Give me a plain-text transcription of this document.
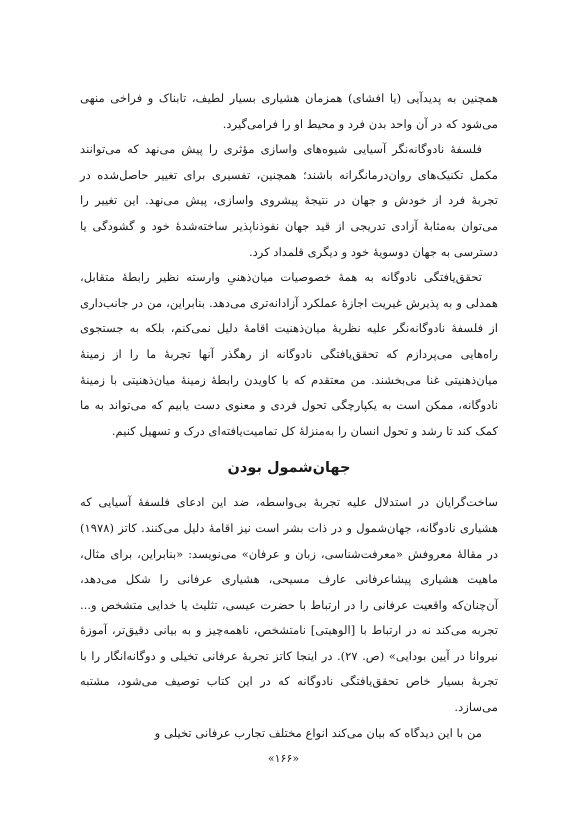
همچنین به پدیدآیی (یا افشای) همزمان هشیاری بسیار لطیف، تابناک و فراخی منهی می‌شود که در آن واحد بدن فرد و محیط او را فرامی‌گیرد.

فلسفهٔ نادوگانه‌نگر آسیایی شیوه‌های واسازی مؤثری را پیش می‌نهد که می‌توانند مکمل تکنیک‌های روان‌درمانگرانه باشند؛ همچنین، تفسیری برای تغییر حاصل‌شده در تجربهٔ فرد از خودش و جهان در نتیجهٔ پیشروی واسازی، پیش می‌نهد. این تغییر را می‌توان به‌مثابهٔ آزادی تدریجی از قید جهان نفوذناپذیر ساخته‌شدهٔ خود و گشودگی یا دسترسی به جهان دوسویهٔ خود و دیگری قلمداد کرد.

تحقق‌یافتگی نادوگانه به همهٔ خصوصیات میان‌ذهنیِ وارسته نظیر رابطهٔ متقابل، همدلی و به پذیرش غیریت اجازهٔ عملکرد آزادانه‌تری می‌دهد. بنابراین، من در جانب‌داری از فلسفهٔ نادوگانه‌نگر علیه نظریهٔ میان‌ذهنیت اقامهٔ دلیل نمی‌کنم، بلکه به جستجوی راه‌هایی می‌پردازم که تحقق‌یافتگی نادوگانه از رهگذر آنها تجربهٔ ما را از زمینهٔ میان‌ذهنیتی غنا می‌بخشند. من معتقدم که با کاویدن رابطهٔ زمینهٔ میان‌ذهنیتی با زمینهٔ نادوگانه، ممکن است به یکپارچگی تحول فردی و معنوی دست یابیم که می‌تواند به ما کمک کند تا رشد و تحول انسان را به‌منزلهٔ کل تمامیت‌یافته‌ای درک و تسهیل کنیم.

جهان‌شمول بودن

ساخت‌گرایان در استدلال علیه تجربهٔ بی‌واسطه، ضد این ادعای فلسفهٔ آسیایی که هشیاری نادوگانه، جهان‌شمول و در ذات بشر است نیز اقامهٔ دلیل می‌کنند. کاتز (۱۹۷۸) در مقالهٔ معروفش «معرفت‌شناسی، زبان و عرفان» می‌نویسد: «بنابراین، برای مثال، ماهیت هشیاری پیشاعرفانی عارف مسیحی، هشیاری عرفانی را شکل می‌دهد، آن‌چنان‌که واقعیت عرفانی را در ارتباط با حضرت عیسی، تثلیث یا خدایی متشخص و... تجربه می‌کند نه در ارتباط با [الوهیتی] نامتشخص، ناهمه‌چیز و به بیانی دقیق‌تر، آموزهٔ نیروانا در آیین بودایی» (ص. ۲۷). در اینجا کاتز تجربهٔ عرفانی تخیلی و دوگانه‌انگار را با تجربهٔ بسیار خاص تحقق‌یافتگی نادوگانه که در این کتاب توصیف می‌شود، مشتبه می‌سازد.

من با این دیدگاه که بیان می‌کند انواع مختلف تجارب عرفانی تخیلی و

«۱۶۶»
